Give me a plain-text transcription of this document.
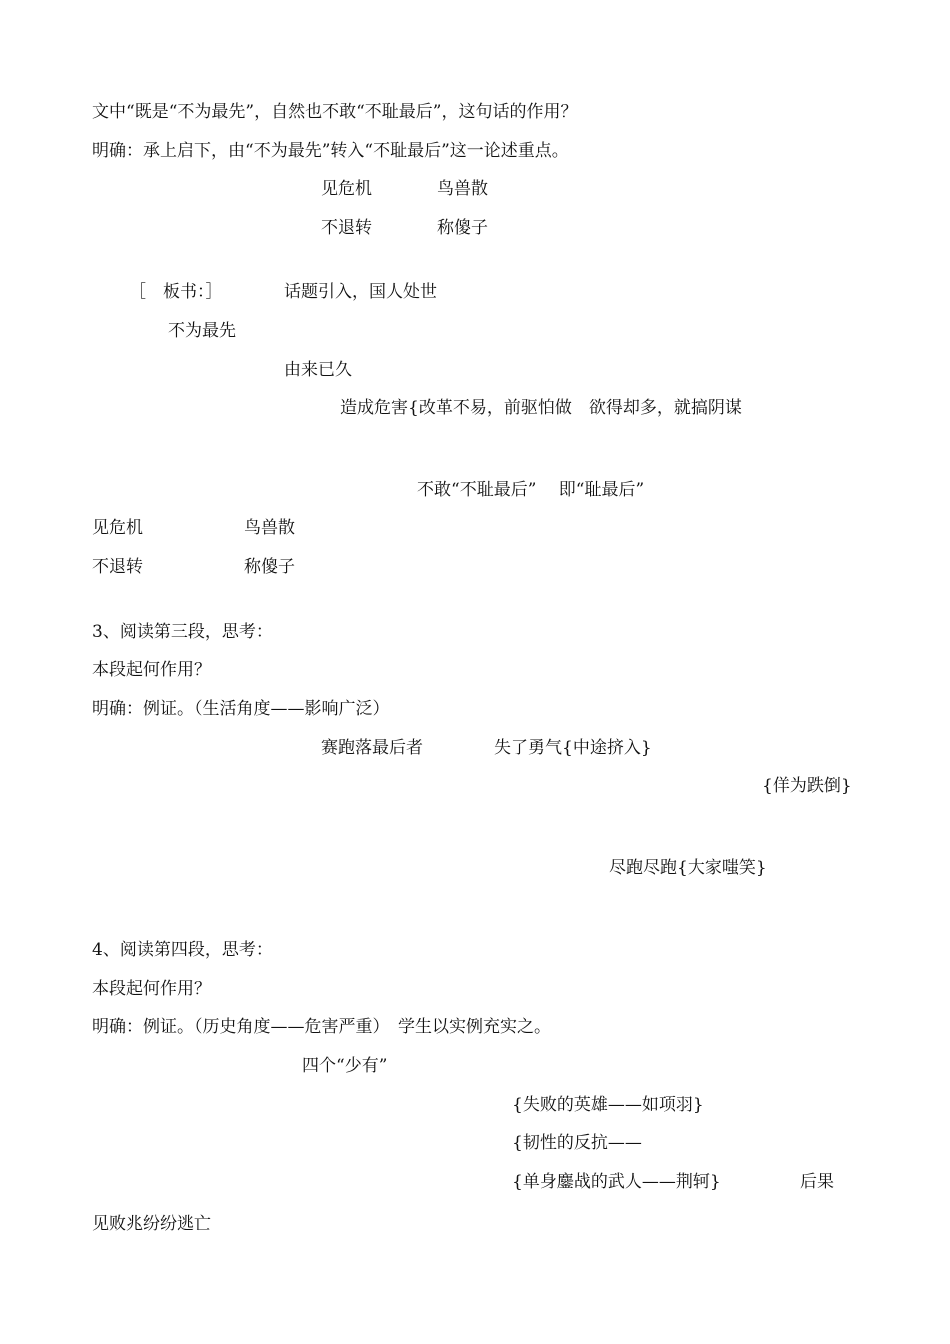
文中“既是“不为最先”，自然也不敢“不耻最后”，这句话的作用？
明确：承上启下，由“不为最先”转入“不耻最后”这一论述重点。
见危机	鸟兽散
不退转	称傻子
［　板书：］	话题引入，国人处世
不为最先
由来已久
造成危害{改革不易，前驱怕做　欲得却多，就搞阴谋
不敢“不耻最后”　 即“耻最后”
见危机	鸟兽散
不退转	称傻子
3、阅读第三段，思考：
本段起何作用？
明确：例证。（生活角度——影响广泛）
赛跑落最后者	失了勇气{中途挤入}
{佯为跌倒}
尽跑尽跑{大家嗤笑}
4、阅读第四段，思考：
本段起何作用？
明确：例证。（历史角度——危害严重）　学生以实例充实之。
四个“少有”
{失败的英雄——如项羽}
{韧性的反抗——
{单身鏖战的武人——荆轲}	后果
见败兆纷纷逃亡
